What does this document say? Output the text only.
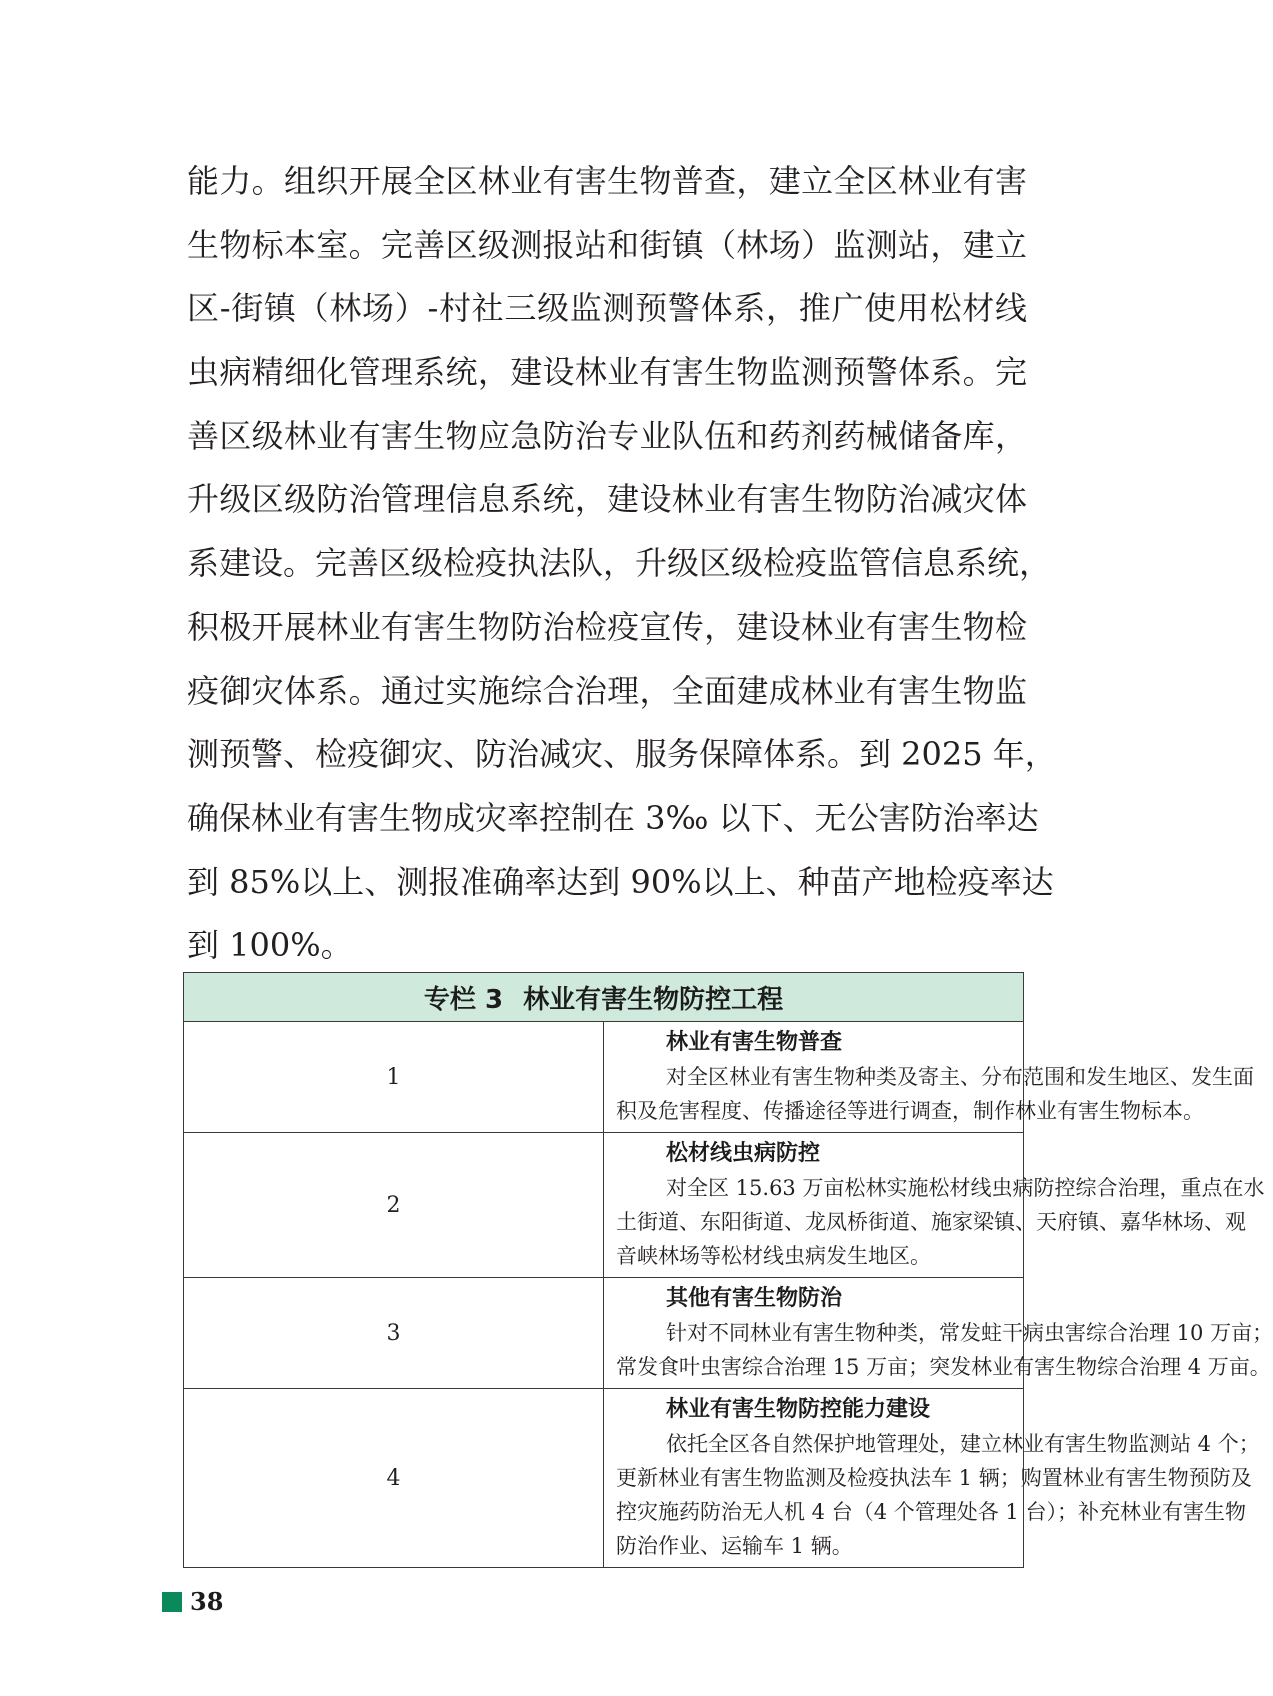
能力。组织开展全区林业有害生物普查，建立全区林业有害
生物标本室。完善区级测报站和街镇（林场）监测站，建立
区-街镇（林场）-村社三级监测预警体系，推广使用松材线
虫病精细化管理系统，建设林业有害生物监测预警体系。完
善区级林业有害生物应急防治专业队伍和药剂药械储备库，
升级区级防治管理信息系统，建设林业有害生物防治减灾体
系建设。完善区级检疫执法队，升级区级检疫监管信息系统，
积极开展林业有害生物防治检疫宣传，建设林业有害生物检
疫御灾体系。通过实施综合治理，全面建成林业有害生物监
测预警、检疫御灾、防治减灾、服务保障体系。到 2025 年，
确保林业有害生物成灾率控制在 3‰ 以下、无公害防治率达
到 85%以上、测报准确率达到 90%以上、种苗产地检疫率达
到 100%。
专栏 3 林业有害生物防控工程	
1	林业有害生物普查
对全区林业有害生物种类及寄主、分布范围和发生地区、发生面
积及危害程度、传播途径等进行调查，制作林业有害生物标本。

2	松材线虫病防控
对全区 15.63 万亩松林实施松材线虫病防控综合治理，重点在水
土街道、东阳街道、龙凤桥街道、施家梁镇、天府镇、嘉华林场、观
音峡林场等松材线虫病发生地区。

3	其他有害生物防治
针对不同林业有害生物种类，常发蛀干病虫害综合治理 10 万亩；
常发食叶虫害综合治理 15 万亩；突发林业有害生物综合治理 4 万亩。

4	林业有害生物防控能力建设
依托全区各自然保护地管理处，建立林业有害生物监测站 4 个；
更新林业有害生物监测及检疫执法车 1 辆；购置林业有害生物预防及
控灾施药防治无人机 4 台（4 个管理处各 1 台）；补充林业有害生物
防治作业、运输车 1 辆。
38
